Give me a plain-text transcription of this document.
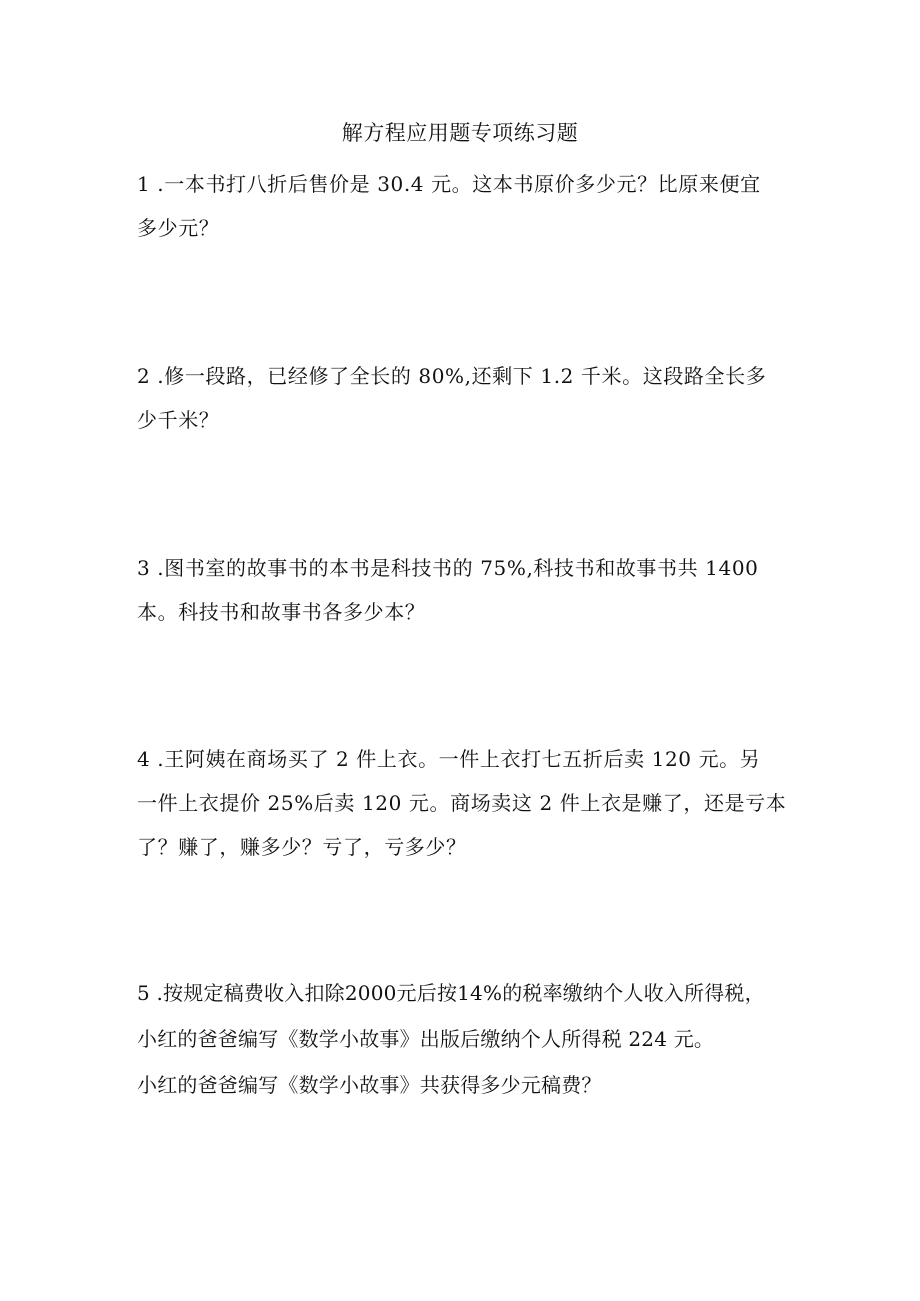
解方程应用题专项练习题
1 .一本书打八折后售价是 30.4 元。这本书原价多少元？比原来便宜
多少元？
2 .修一段路，已经修了全长的 80%,还剩下 1.2 千米。这段路全长多
少千米？
3 .图书室的故事书的本书是科技书的 75%,科技书和故事书共 1400
本。科技书和故事书各多少本？
4 .王阿姨在商场买了 2 件上衣。一件上衣打七五折后卖 120 元。另
一件上衣提价 25%后卖 120 元。商场卖这 2 件上衣是赚了，还是亏本
了？赚了，赚多少？亏了，亏多少？
5 .按规定稿费收入扣除2000元后按14%的税率缴纳个人收入所得税，
小红的爸爸编写《数学小故事》出版后缴纳个人所得税 224 元。
小红的爸爸编写《数学小故事》共获得多少元稿费？
